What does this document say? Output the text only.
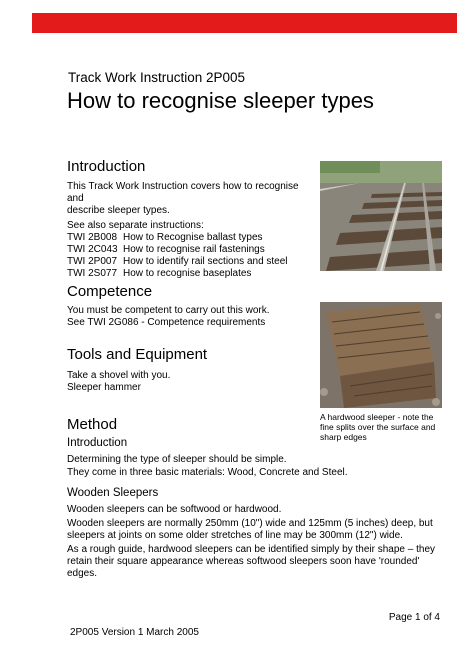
Track Work Instruction 2P005
How to recognise sleeper types
Introduction
This Track Work Instruction covers how to recognise and
describe sleeper types.
See also separate instructions:
TWI 2B008 How to Recognise ballast types
TWI 2C043 How to recognise rail fastenings
TWI 2P007 How to identify rail sections and steel
TWI 2S077 How to recognise baseplates
Competence
You must be competent to carry out this work.
See TWI 2G086 - Competence requirements
Tools and Equipment
Take a shovel with you.
Sleeper hammer
A hardwood sleeper - note the
fine splits over the surface and
sharp edges
Method
Introduction
Determining the type of sleeper should be simple.
They come in three basic materials: Wood, Concrete and Steel.
Wooden Sleepers
Wooden sleepers can be softwood or hardwood.
Wooden sleepers are normally 250mm (10") wide and 125mm (5 inches) deep, but
sleepers at joints on some older stretches of line may be 300mm (12") wide.
As a rough guide, hardwood sleepers can be identified simply by their shape – they
retain their square appearance whereas softwood sleepers soon have 'rounded'
edges.
Page 1 of 4
2P005 Version 1 March 2005
